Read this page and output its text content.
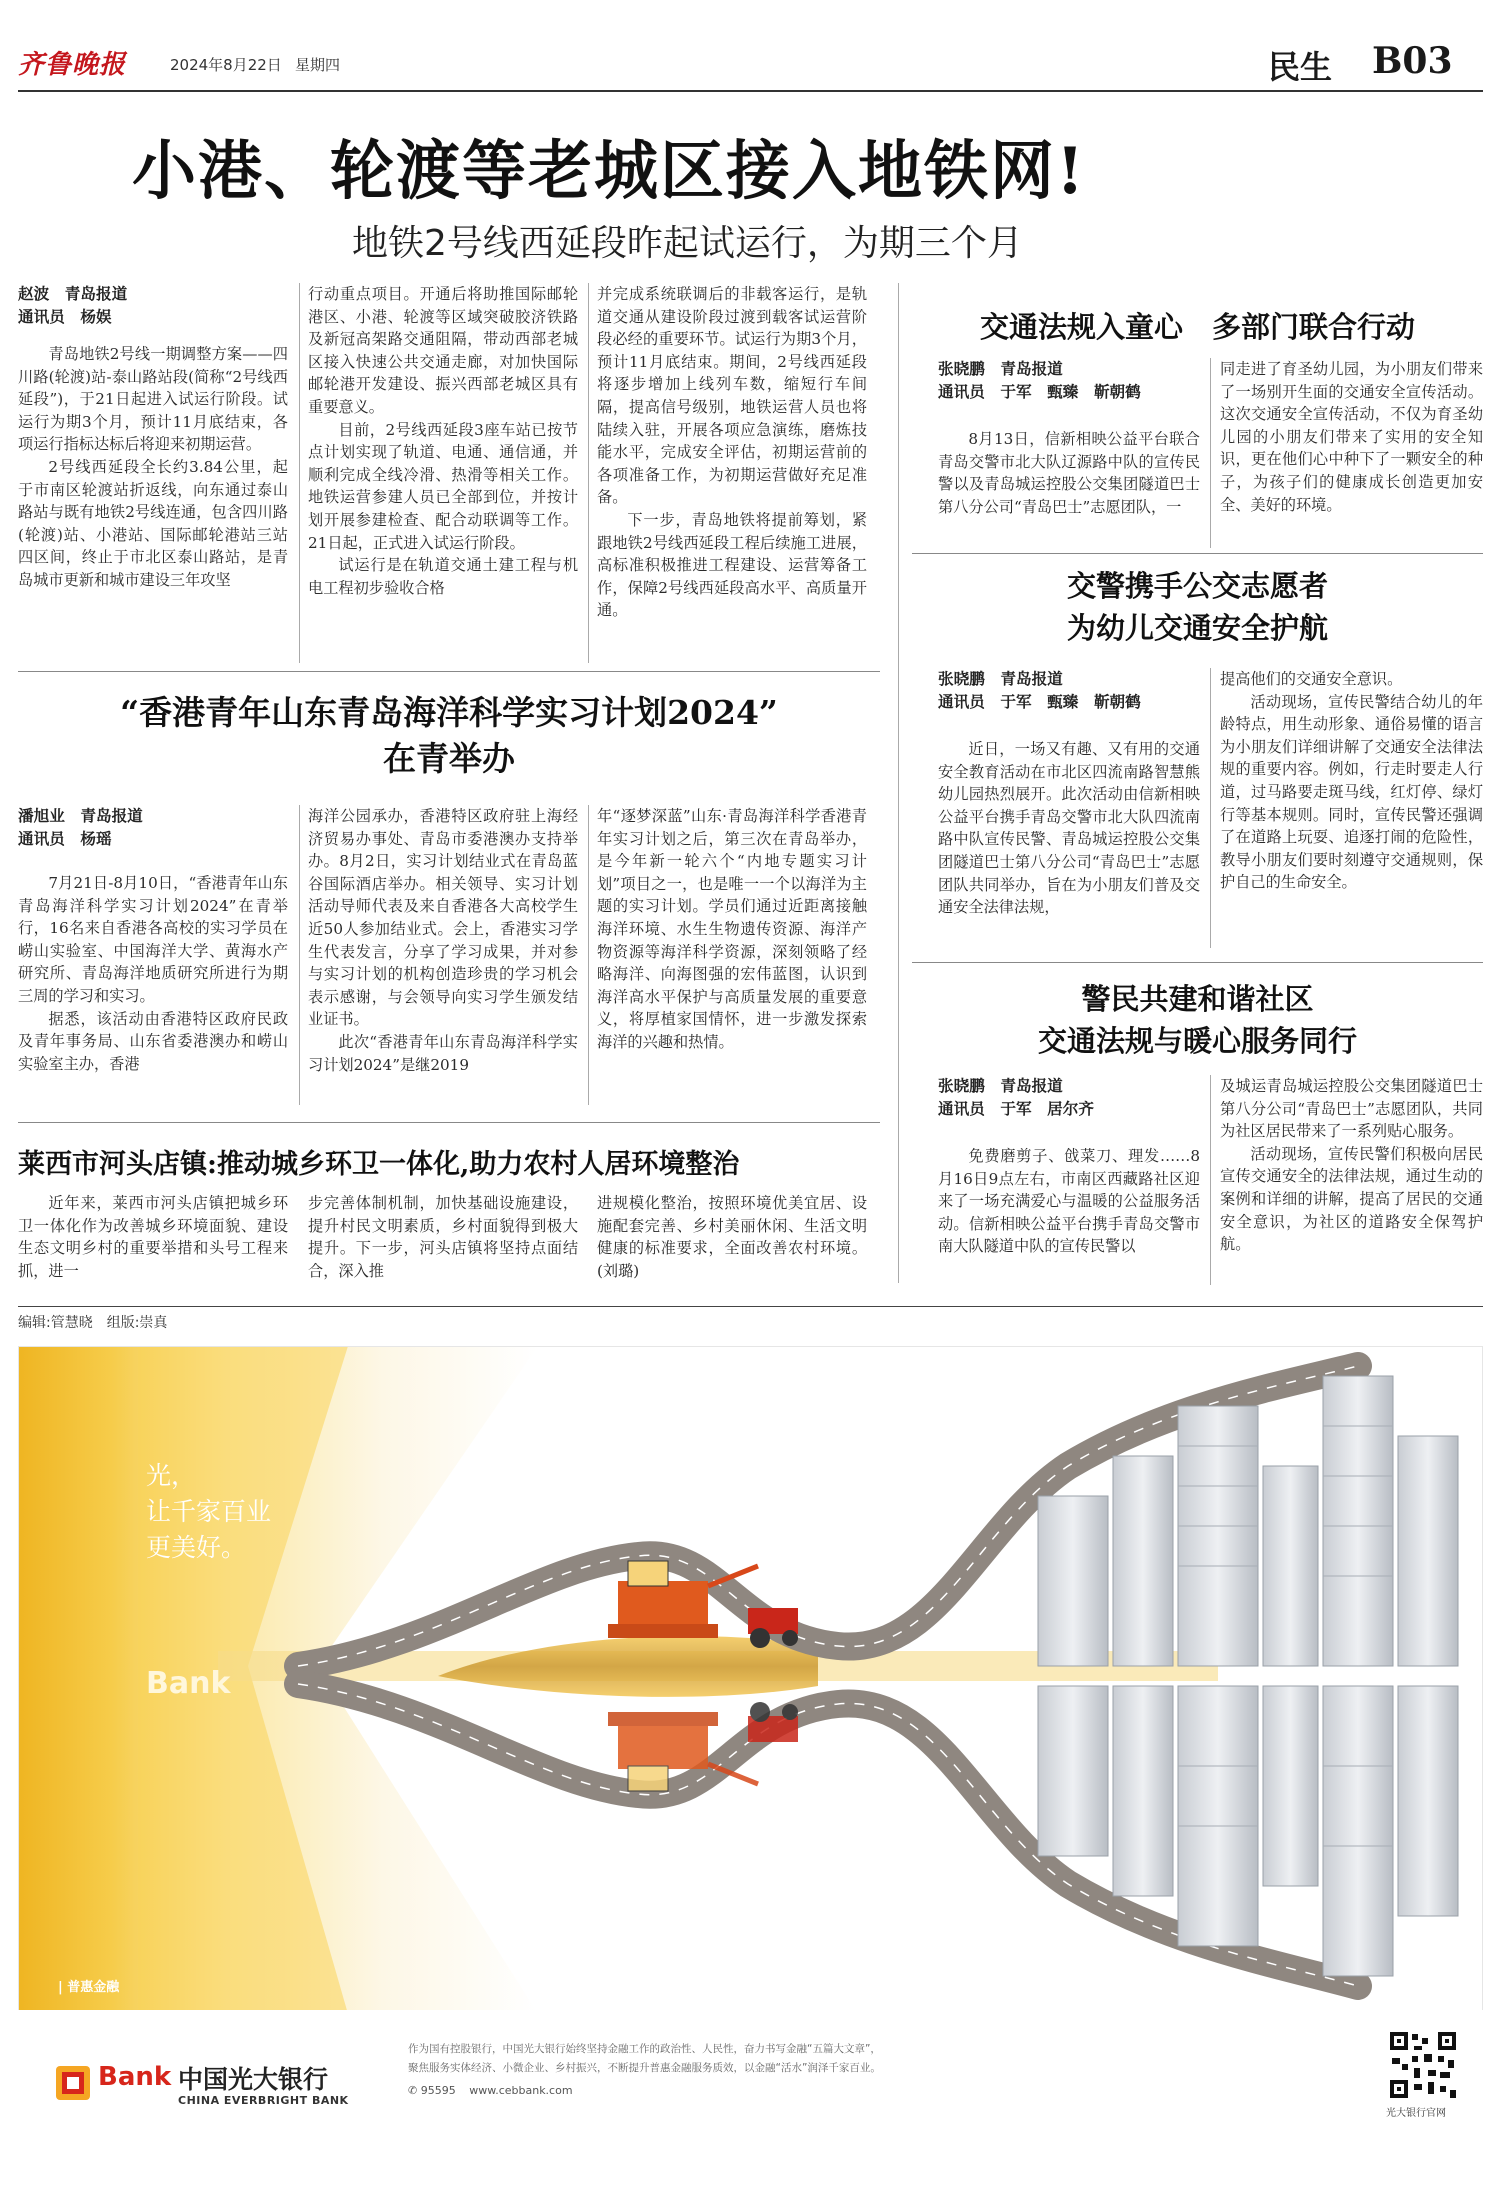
齐鲁晚报	2024年8月22日 星期四	民生 B03
小港、轮渡等老城区接入地铁网!
地铁2号线西延段昨起试运行，为期三个月
赵波　青岛报道
通讯员　杨娱

青岛地铁2号线一期调整方案——四川路(轮渡)站-泰山路站段(简称“2号线西延段”)，于21日起进入试运行阶段。试运行为期3个月，预计11月底结束，各项运行指标达标后将迎来初期运营。

2号线西延段全长约3.84公里，起于市南区轮渡站折返线，向东通过泰山路站与既有地铁2号线连通，包含四川路(轮渡)站、小港站、国际邮轮港站三站四区间，终止于市北区泰山路站，是青岛城市更新和城市建设三年攻坚

行动重点项目。开通后将助推国际邮轮港区、小港、轮渡等区域突破胶济铁路及新冠高架路交通阻隔，带动西部老城区接入快速公共交通走廊，对加快国际邮轮港开发建设、振兴西部老城区具有重要意义。

目前，2号线西延段3座车站已按节点计划实现了轨道、电通、通信通，并顺利完成全线冷滑、热滑等相关工作。地铁运营参建人员已全部到位，并按计划开展参建检查、配合动联调等工作。21日起，正式进入试运行阶段。

试运行是在轨道交通土建工程与机电工程初步验收合格

并完成系统联调后的非载客运行，是轨道交通从建设阶段过渡到载客试运营阶段必经的重要环节。试运行为期3个月，预计11月底结束。期间，2号线西延段将逐步增加上线列车数，缩短行车间隔，提高信号级别，地铁运营人员也将陆续入驻，开展各项应急演练，磨炼技能水平，完成安全评估，初期运营前的各项准备工作，为初期运营做好充足准备。

下一步，青岛地铁将提前筹划，紧跟地铁2号线西延段工程后续施工进展，高标准积极推进工程建设、运营筹备工作，保障2号线西延段高水平、高质量开通。

“香港青年山东青岛海洋科学实习计划2024”
在青举办
潘旭业　青岛报道
通讯员　杨瑶

7月21日-8月10日，“香港青年山东青岛海洋科学实习计划2024”在青举行，16名来自香港各高校的实习学员在崂山实验室、中国海洋大学、黄海水产研究所、青岛海洋地质研究所进行为期三周的学习和实习。

据悉，该活动由香港特区政府民政及青年事务局、山东省委港澳办和崂山实验室主办，香港

海洋公园承办，香港特区政府驻上海经济贸易办事处、青岛市委港澳办支持举办。8月2日，实习计划结业式在青岛蓝谷国际酒店举办。相关领导、实习计划活动导师代表及来自香港各大高校学生近50人参加结业式。会上，香港实习学生代表发言，分享了学习成果，并对参与实习计划的机构创造珍贵的学习机会表示感谢，与会领导向实习学生颁发结业证书。

此次“香港青年山东青岛海洋科学实习计划2024”是继2019

年“逐梦深蓝”山东·青岛海洋科学香港青年实习计划之后，第三次在青岛举办，是今年新一轮六个“内地专题实习计划”项目之一，也是唯一一个以海洋为主题的实习计划。学员们通过近距离接触海洋环境、水生生物遗传资源、海洋产物资源等海洋科学资源，深刻领略了经略海洋、向海图强的宏伟蓝图，认识到海洋高水平保护与高质量发展的重要意义，将厚植家国情怀，进一步激发探索海洋的兴趣和热情。

莱西市河头店镇:推动城乡环卫一体化,助力农村人居环境整治

近年来，莱西市河头店镇把城乡环卫一体化作为改善城乡环境面貌、建设生态文明乡村的重要举措和头号工程来抓，进一

步完善体制机制，加快基础设施建设，提升村民文明素质，乡村面貌得到极大提升。下一步，河头店镇将坚持点面结合，深入推

进规模化整治，按照环境优美宜居、设施配套完善、乡村美丽休闲、生活文明健康的标准要求，全面改善农村环境。(刘璐)

交通法规入童心　多部门联合行动
张晓鹏　青岛报道
通讯员　于军　甄臻　靳朝鹤

8月13日，信新相映公益平台联合青岛交警市北大队辽源路中队的宣传民警以及青岛城运控股公交集团隧道巴士第八分公司“青岛巴士”志愿团队，一

同走进了育圣幼儿园，为小朋友们带来了一场别开生面的交通安全宣传活动。这次交通安全宣传活动，不仅为育圣幼儿园的小朋友们带来了实用的安全知识，更在他们心中种下了一颗安全的种子，为孩子们的健康成长创造更加安全、美好的环境。

交警携手公交志愿者
为幼儿交通安全护航
张晓鹏　青岛报道
通讯员　于军　甄臻　靳朝鹤

近日，一场又有趣、又有用的交通安全教育活动在市北区四流南路智慧熊幼儿园热烈展开。此次活动由信新相映公益平台携手青岛交警市北大队四流南路中队宣传民警、青岛城运控股公交集团隧道巴士第八分公司“青岛巴士”志愿团队共同举办，旨在为小朋友们普及交通安全法律法规，

提高他们的交通安全意识。

活动现场，宣传民警结合幼儿的年龄特点，用生动形象、通俗易懂的语言为小朋友们详细讲解了交通安全法律法规的重要内容。例如，行走时要走人行道，过马路要走斑马线，红灯停、绿灯行等基本规则。同时，宣传民警还强调了在道路上玩耍、追逐打闹的危险性，教导小朋友们要时刻遵守交通规则，保护自己的生命安全。

警民共建和谐社区
交通法规与暖心服务同行
张晓鹏　青岛报道
通讯员　于军　居尔齐

免费磨剪子、戗菜刀、理发……8月16日9点左右，市南区西藏路社区迎来了一场充满爱心与温暖的公益服务活动。信新相映公益平台携手青岛交警市南大队隧道中队的宣传民警以

及城运青岛城运控股公交集团隧道巴士第八分公司“青岛巴士”志愿团队，共同为社区居民带来了一系列贴心服务。

活动现场，宣传民警们积极向居民宣传交通安全的法律法规，通过生动的案例和详细的讲解，提高了居民的交通安全意识，为社区的道路安全保驾护航。

编辑:管慧晓　组版:崇真
光，
让千家百业
更美好。
Bank
| 普惠金融
Bank 中国光大银行
CHINA EVERBRIGHT BANK
作为国有控股银行，中国光大银行始终坚持金融工作的政治性、人民性，奋力书写金融“五篇大文章”，
聚焦服务实体经济、小微企业、乡村振兴，不断提升普惠金融服务质效，以金融“活水”润泽千家百业。
✆ 95595 www.cebbank.com
光大银行官网
